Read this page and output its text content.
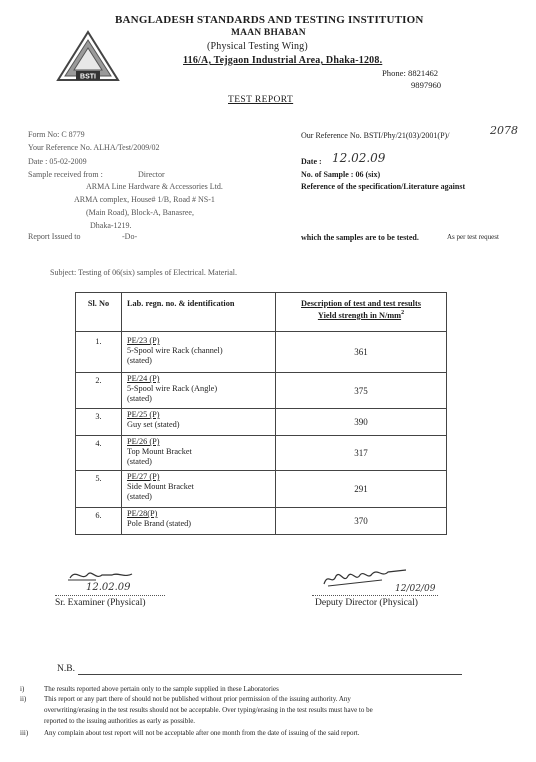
BSTI
BANGLADESH STANDARDS AND TESTING INSTITUTION
MAAN BHABAN
(Physical Testing Wing)
116/A, Tejgaon Industrial Area, Dhaka-1208.
Phone: 8821462
9897960
TEST REPORT
Form No: C 8779
Your Reference No. ALHA/Test/2009/02
Date : 05-02-2009
Sample received from :	Director
ARMA Line Hardware & Accessories Ltd.
ARMA complex, House# 1/B, Road # NS-1
(Main Road), Block-A, Banasree,
Dhaka-1219.
Report Issued to	-Do-
Our Reference No. BSTI/Phy/21(03)/2001(P)/	2078
Date : 12.02.09
No. of Sample : 06 (six)
Reference of the specification/Literature against
which the samples are to be tested.	As per test request
Subject: Testing of 06(six) samples of Electrical. Material.
Sl. No	Lab. regn. no. & identification	Description of test and test results
Yield strength in $N/mm^2$

1.	PE/23 (P)
5-Spool wire Rack (channel)
(stated)	361

2.	PE/24 (P)
5-Spool wire Rack (Angle)
(stated)	375

3.	PE/25 (P)
Guy set (stated)	390

4.	PE/26 (P)
Top Mount Bracket
(stated)	317

5.	PE/27 (P)
Side Mount Bracket
(stated)	291

6.	PE/28(P)
Pole Brand (stated)	370
12.02.09
Sr. Examiner (Physical)
12/02/09
Deputy Director (Physical)
N.B.
i)	The results reported above pertain only to the sample supplied in these Laboratories
ii)	This report or any part there of should not be published without prior permission of the issuing authority. Any
overwriting/erasing in the test results should not be acceptable. Over typing/erasing in the test results must have to be
reported to the issuing authorities as early as possible.
iii) Any complain about test report will not be acceptable after one month from the date of issuing of the said report.
